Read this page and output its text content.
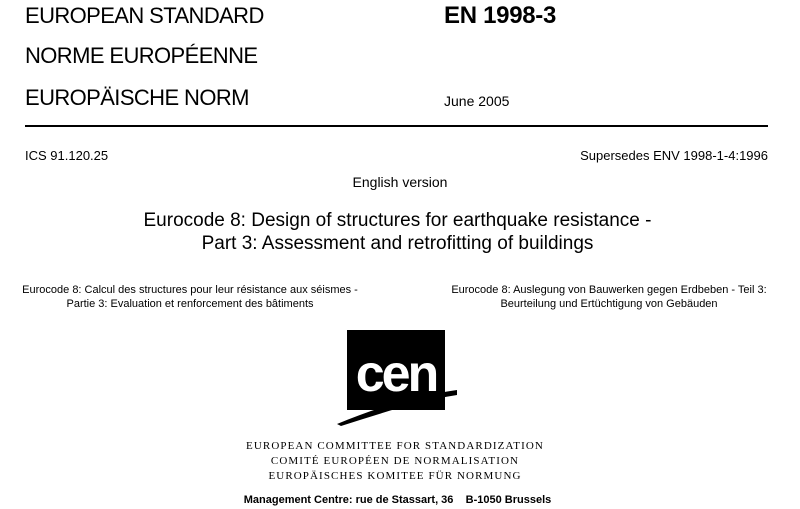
EUROPEAN STANDARD
NORME EUROPÉENNE
EUROPÄISCHE NORM
EN 1998-3
June 2005
ICS 91.120.25	Supersedes ENV 1998-1-4:1996
English version
Eurocode 8: Design of structures for earthquake resistance -
Part 3: Assessment and retrofitting of buildings
Eurocode 8: Calcul des structures pour leur résistance aux séismes - Partie 3: Evaluation et renforcement des bâtiments
Eurocode 8: Auslegung von Bauwerken gegen Erdbeben - Teil 3: Beurteilung und Ertüchtigung von Gebäuden
cen
EUROPEAN COMMITTEE FOR STANDARDIZATION
COMITÉ EUROPÉEN DE NORMALISATION
EUROPÄISCHES KOMITEE FÜR NORMUNG
Management Centre: rue de Stassart, 36    B-1050 Brussels
